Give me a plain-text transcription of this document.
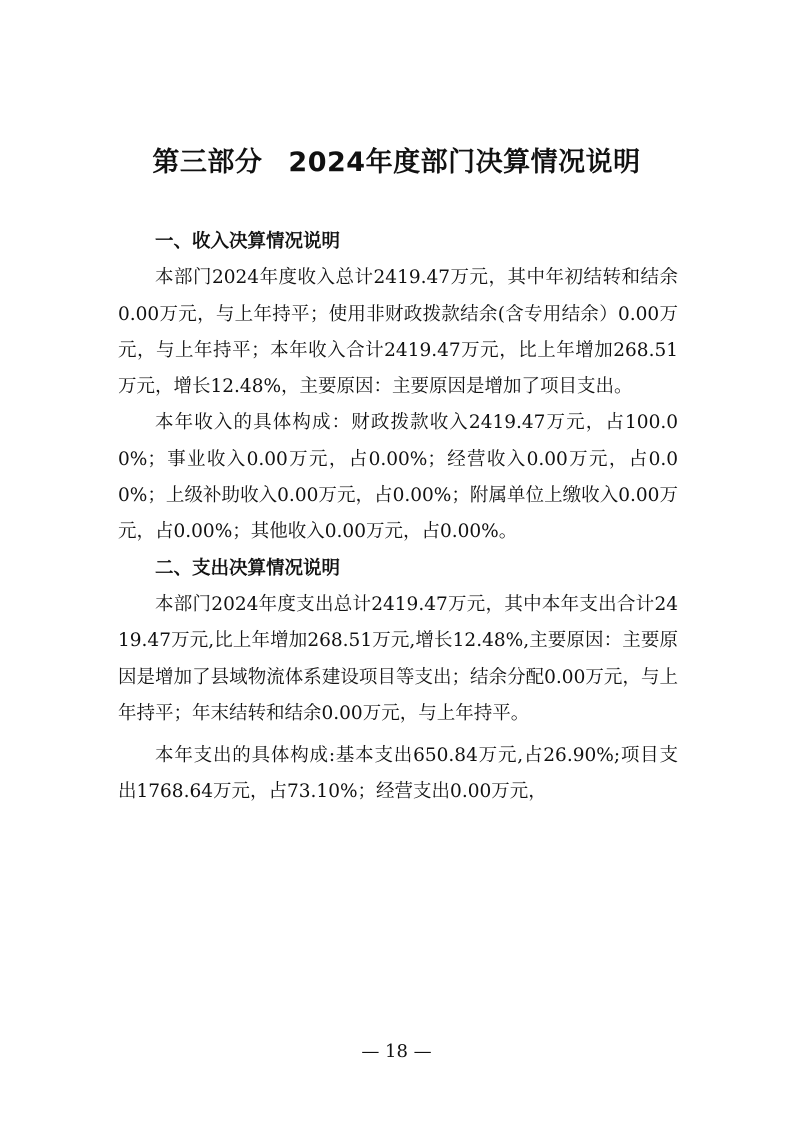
第三部分 2024年度部门决算情况说明

一、收入决算情况说明

本部门2024年度收入总计2419.47万元，其中年初结转和结余0.00万元，与上年持平；使用非财政拨款结余(含专用结余）0.00万元，与上年持平；本年收入合计2419.47万元，比上年增加268.51万元，增长12.48%，主要原因：主要原因是增加了项目支出。

本年收入的具体构成：财政拨款收入2419.47万元，占100.00%；事业收入0.00万元，占0.00%；经营收入0.00万元，占0.00%；上级补助收入0.00万元，占0.00%；附属单位上缴收入0.00万元，占0.00%；其他收入0.00万元，占0.00%。

二、支出决算情况说明

本部门2024年度支出总计2419.47万元，其中本年支出合计2419.47万元,比上年增加268.51万元,增长12.48%,主要原因：主要原因是增加了县域物流体系建设项目等支出；结余分配0.00万元，与上年持平；年末结转和结余0.00万元，与上年持平。

本年支出的具体构成:基本支出650.84万元,占26.90%;项目支出1768.64万元，占73.10%；经营支出0.00万元，

— 18 —
